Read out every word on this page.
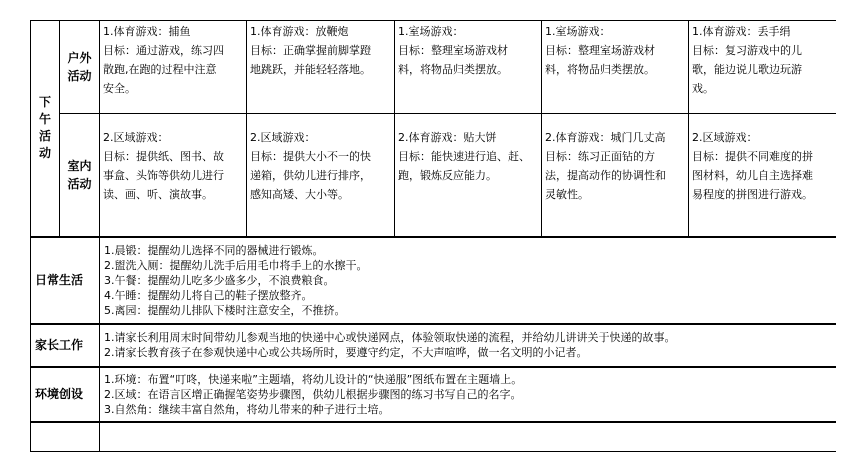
下
午
活
动	户外
活动	1.体育游戏：捕鱼
目标：通过游戏，练习四
散跑,在跑的过程中注意
安全。	1.体育游戏：放鞭炮
目标：正确掌握前脚掌蹬
地跳跃，并能轻轻落地。	1.室场游戏：
目标：整理室场游戏材
料，将物品归类摆放。	1.室场游戏：
目标：整理室场游戏材
料，将物品归类摆放。	1.体育游戏：丢手绢
目标：复习游戏中的儿
歌，能边说儿歌边玩游
戏。

	室内
活动	2.区域游戏：
目标：提供纸、图书、故
事盒、头饰等供幼儿进行
读、画、听、演故事。	2.区域游戏：
目标：提供大小不一的快
递箱，供幼儿进行排序，
感知高矮、大小等。	2.体育游戏：贴大饼
目标：能快速进行追、赶、
跑，锻炼反应能力。	2.体育游戏：城门几丈高
目标：练习正面钻的方
法，提高动作的协调性和
灵敏性。	2.区域游戏：
目标：提供不同难度的拼
图材料，幼儿自主选择难
易程度的拼图进行游戏。

日常生活		1.晨锻：提醒幼儿选择不同的器械进行锻炼。
2.盥洗入厕：提醒幼儿洗手后用毛巾将手上的水擦干。
3.午餐：提醒幼儿吃多少盛多少，不浪费粮食。
4.午睡：提醒幼儿将自己的鞋子摆放整齐。
5.离园：提醒幼儿排队下楼时注意安全，不推挤。				

家长工作		1.请家长利用周末时间带幼儿参观当地的快递中心或快递网点，体验领取快递的流程，并给幼儿讲讲关于快递的故事。
2.请家长教育孩子在参观快递中心或公共场所时，要遵守约定，不大声喧哗，做一名文明的小记者。				

环境创设		1.环境：布置“叮咚，快递来啦”主题墙，将幼儿设计的“快递服”图纸布置在主题墙上。
2.区域：在语言区增正确握笔姿势步骤图，供幼儿根据步骤图的练习书写自己的名字。
3.自然角：继续丰富自然角，将幼儿带来的种子进行土培。				
